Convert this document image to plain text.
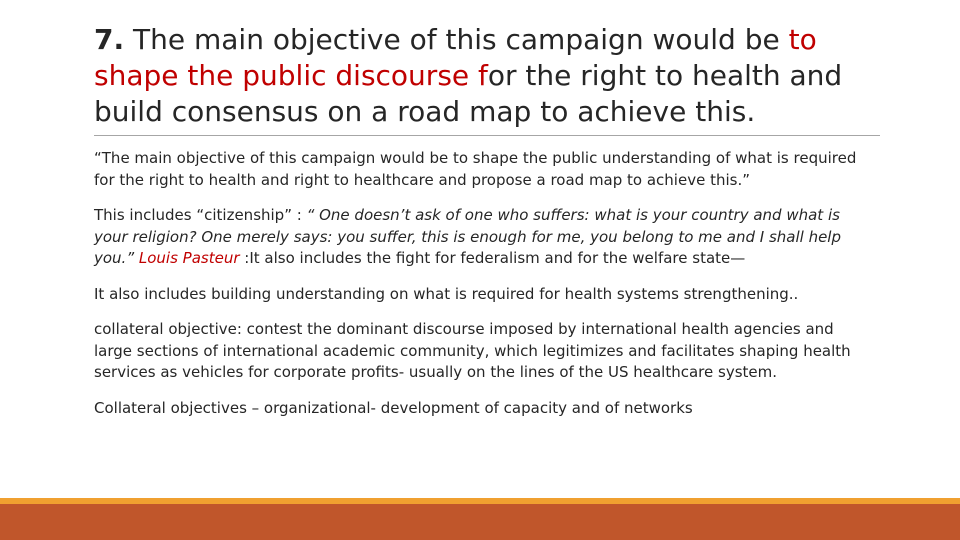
7. The main objective of this campaign would be to shape the public discourse for the right to health and build consensus on a road map to achieve this.

“The main objective of this campaign would be to shape the public understanding of what is required for the right to health and right to healthcare and propose a road map to achieve this.”

This includes “citizenship” : “ One doesn’t ask of one who suffers: what is your country and what is your religion? One merely says: you suffer, this is enough for me, you belong to me and I shall help you.” Louis Pasteur :It also includes the fight for federalism and for the welfare state—

It also includes building understanding on what is required for health systems strengthening..

collateral objective: contest the dominant discourse imposed by international health agencies and large sections of international academic community, which legitimizes and facilitates shaping health services as vehicles for corporate profits- usually on the lines of the US healthcare system.

Collateral objectives – organizational- development of capacity and of networks
